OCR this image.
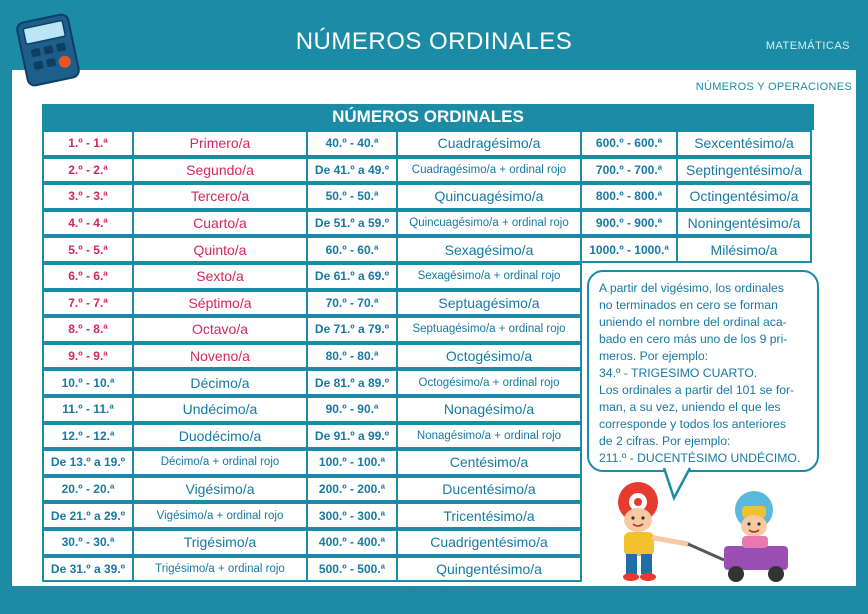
NÚMEROS ORDINALES	MATEMÁTICAS
NÚMEROS Y OPERACIONES
NÚMEROS ORDINALES
1.º - 1.ª	Primero/a
2.º - 2.ª	Segundo/a
3.º - 3.ª	Tercero/a
4.º - 4.ª	Cuarto/a
5.º - 5.ª	Quinto/a
6.º - 6.ª	Sexto/a
7.º - 7.ª	Séptimo/a
8.º - 8.ª	Octavo/a
9.º - 9.ª	Noveno/a
10.º - 10.ª	Décimo/a
11.º - 11.ª	Undécimo/a
12.º - 12.ª	Duodécimo/a
De 13.º a 19.º	Décimo/a + ordinal rojo
20.º - 20.ª	Vigésimo/a
De 21.º a 29.º	Vigésimo/a + ordinal rojo
30.º - 30.ª	Trigésimo/a
De 31.º a 39.º	Trigésimo/a + ordinal rojo
40.º - 40.ª	Cuadragésimo/a
De 41.º a 49.º	Cuadragésimo/a + ordinal rojo
50.º - 50.ª	Quincuagésimo/a
De 51.º a 59.º	Quincuagésimo/a + ordinal rojo
60.º - 60.ª	Sexagésimo/a
De 61.º a 69.º	Sexagésimo/a + ordinal rojo
70.º - 70.ª	Septuagésimo/a
De 71.º a 79.º	Septuagésimo/a + ordinal rojo
80.º - 80.ª	Octogésimo/a
De 81.º a 89.º	Octogésimo/a + ordinal rojo
90.º - 90.ª	Nonagésimo/a
De 91.º a 99.º	Nonagésimo/a + ordinal rojo
100.º - 100.ª	Centésimo/a
200.º - 200.ª	Ducentésimo/a
300.º - 300.ª	Tricentésimo/a
400.º - 400.ª	Cuadrigentésimo/a
500.º - 500.ª	Quingentésimo/a
600.º - 600.ª	Sexcentésimo/a
700.º - 700.ª	Septingentésimo/a
800.º - 800.ª	Octingentésimo/a
900.º - 900.ª	Noningentésimo/a
1000.º - 1000.ª	Milésimo/a
A partir del vigésimo, los ordinales
no terminados en cero se forman
uniendo el nombre del ordinal aca-
bado en cero más uno de los 9 pri-
meros. Por ejemplo:
34.º - TRIGESIMO CUARTO.
Los ordinales a partir del 101 se for-
man, a su vez, uniendo el que les
corresponde y todos los anteriores
de 2 cifras. Por ejemplo:
211.º - DUCENTÉSIMO UNDÉCIMO.
01-01-07	edootek	www.edootek.com
